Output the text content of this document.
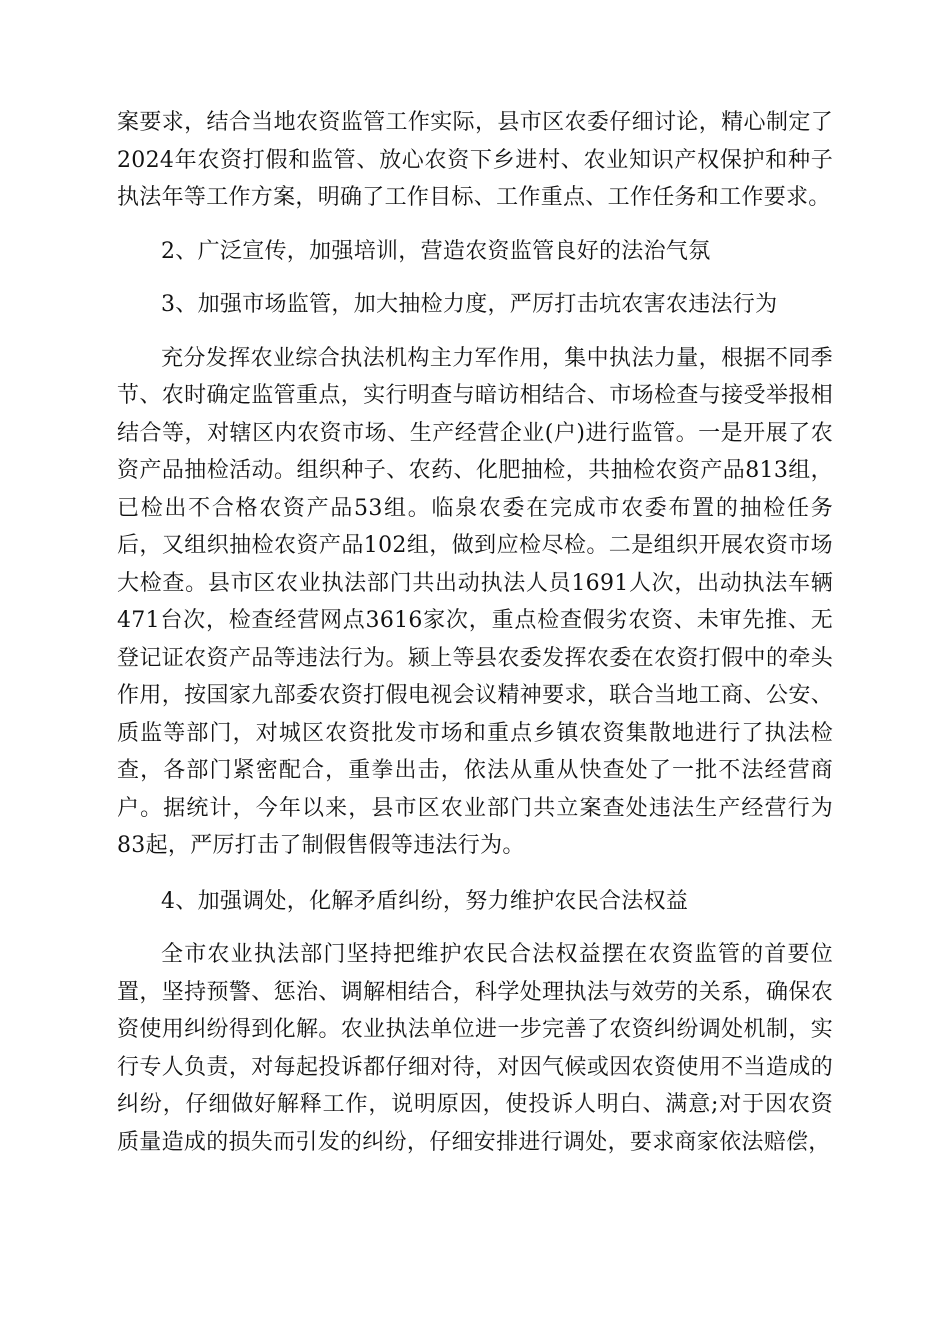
案要求，结合当地农资监管工作实际，县市区农委仔细讨论，精心制定了2024年农资打假和监管、放心农资下乡进村、农业知识产权保护和种子执法年等工作方案，明确了工作目标、工作重点、工作任务和工作要求。

2、广泛宣传，加强培训，营造农资监管良好的法治气氛

3、加强市场监管，加大抽检力度，严厉打击坑农害农违法行为

充分发挥农业综合执法机构主力军作用，集中执法力量，根据不同季节、农时确定监管重点，实行明查与暗访相结合、市场检查与接受举报相结合等，对辖区内农资市场、生产经营企业(户)进行监管。一是开展了农资产品抽检活动。组织种子、农药、化肥抽检，共抽检农资产品813组，已检出不合格农资产品53组。临泉农委在完成市农委布置的抽检任务后，又组织抽检农资产品102组，做到应检尽检。二是组织开展农资市场大检查。县市区农业执法部门共出动执法人员1691人次，出动执法车辆471台次，检查经营网点3616家次，重点检查假劣农资、未审先推、无登记证农资产品等违法行为。颍上等县农委发挥农委在农资打假中的牵头作用，按国家九部委农资打假电视会议精神要求，联合当地工商、公安、质监等部门，对城区农资批发市场和重点乡镇农资集散地进行了执法检查，各部门紧密配合，重拳出击，依法从重从快查处了一批不法经营商户。据统计，今年以来，县市区农业部门共立案查处违法生产经营行为83起，严厉打击了制假售假等违法行为。

4、加强调处，化解矛盾纠纷，努力维护农民合法权益

全市农业执法部门坚持把维护农民合法权益摆在农资监管的首要位置，坚持预警、惩治、调解相结合，科学处理执法与效劳的关系，确保农资使用纠纷得到化解。农业执法单位进一步完善了农资纠纷调处机制，实行专人负责，对每起投诉都仔细对待，对因气候或因农资使用不当造成的纠纷，仔细做好解释工作，说明原因，使投诉人明白、满意;对于因农资质量造成的损失而引发的纠纷，仔细安排进行调处，要求商家依法赔偿，
